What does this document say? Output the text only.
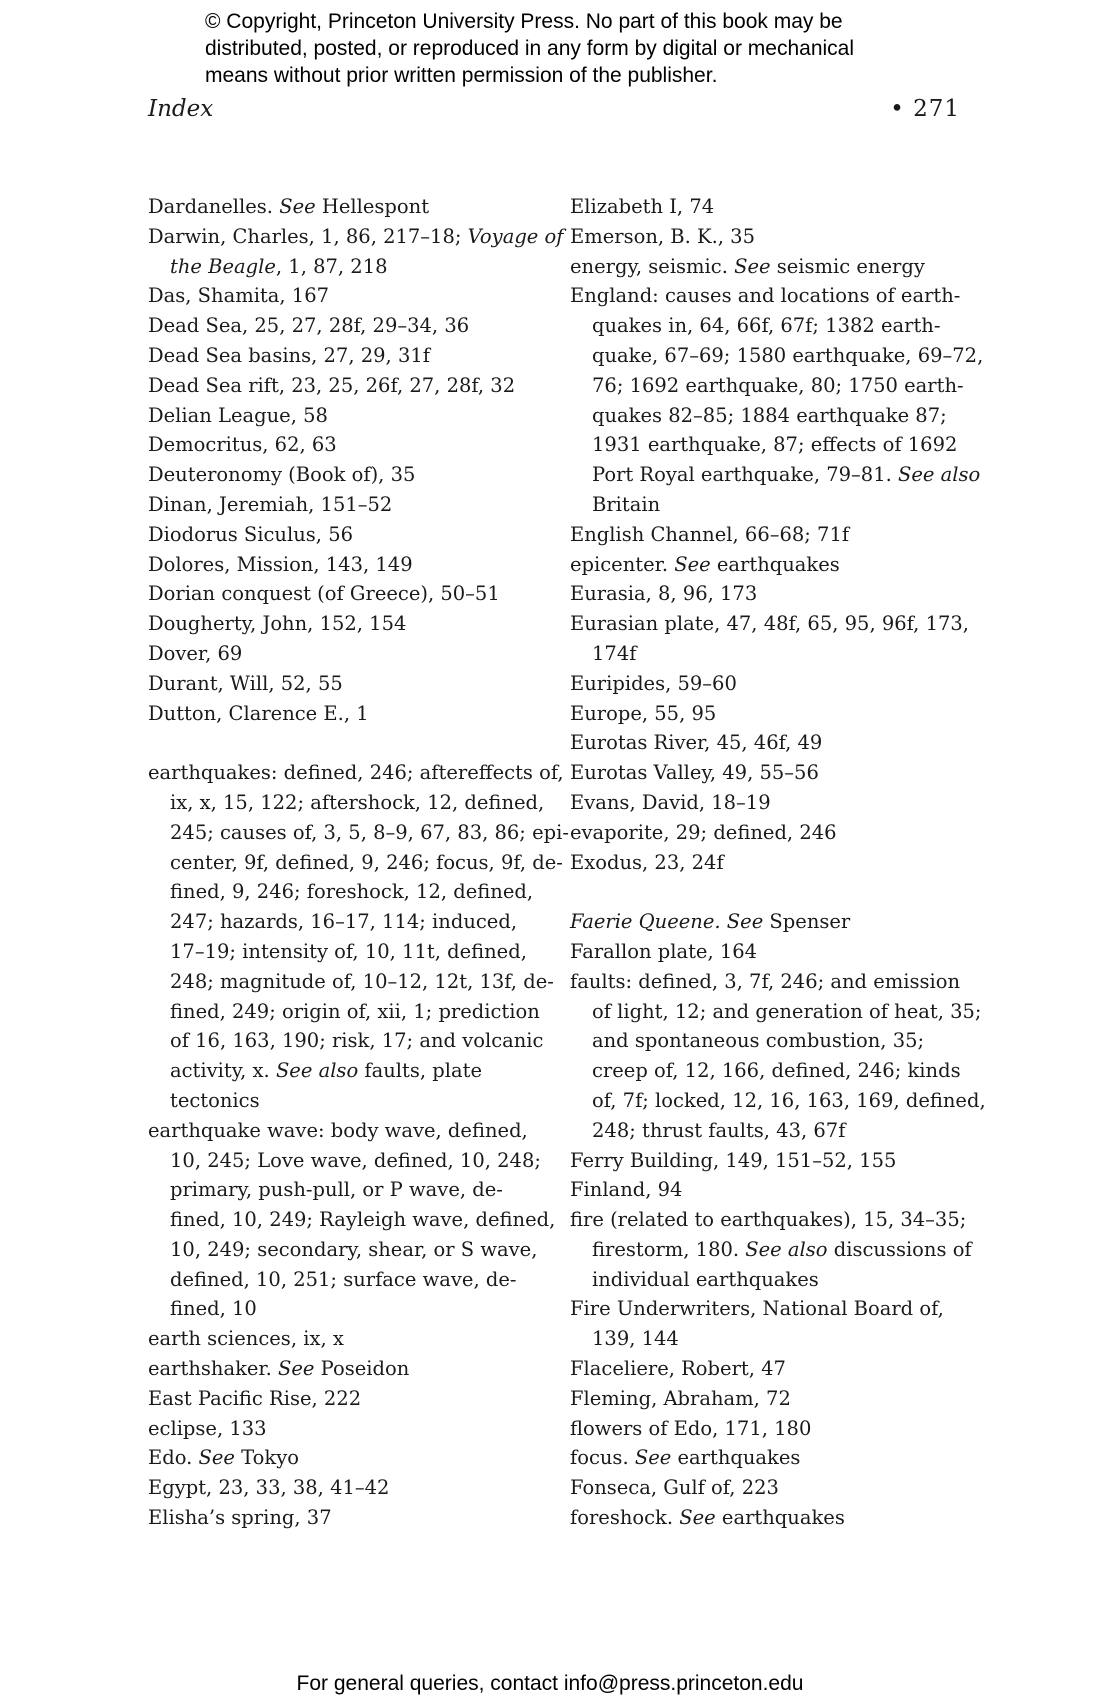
© Copyright, Princeton University Press. No part of this book may be
distributed, posted, or reproduced in any form by digital or mechanical
means without prior written permission of the publisher.
Index	• 271

Dardanelles. See Hellespont

Darwin, Charles, 1, 86, 217–18; Voyage of
the Beagle, 1, 87, 218

Das, Shamita, 167

Dead Sea, 25, 27, 28f, 29–34, 36

Dead Sea basins, 27, 29, 31f

Dead Sea rift, 23, 25, 26f, 27, 28f, 32

Delian League, 58

Democritus, 62, 63

Deuteronomy (Book of), 35

Dinan, Jeremiah, 151–52

Diodorus Siculus, 56

Dolores, Mission, 143, 149

Dorian conquest (of Greece), 50–51

Dougherty, John, 152, 154

Dover, 69

Durant, Will, 52, 55

Dutton, Clarence E., 1

earthquakes: defined, 246; aftereffects of,
ix, x, 15, 122; aftershock, 12, defined,
245; causes of, 3, 5, 8–9, 67, 83, 86; epi-
center, 9f, defined, 9, 246; focus, 9f, de-
fined, 9, 246; foreshock, 12, defined,
247; hazards, 16–17, 114; induced,
17–19; intensity of, 10, 11t, defined,
248; magnitude of, 10–12, 12t, 13f, de-
fined, 249; origin of, xii, 1; prediction
of 16, 163, 190; risk, 17; and volcanic
activity, x. See also faults, plate
tectonics

earthquake wave: body wave, defined,
10, 245; Love wave, defined, 10, 248;
primary, push-pull, or P wave, de-
fined, 10, 249; Rayleigh wave, defined,
10, 249; secondary, shear, or S wave,
defined, 10, 251; surface wave, de-
fined, 10

earth sciences, ix, x

earthshaker. See Poseidon

East Pacific Rise, 222

eclipse, 133

Edo. See Tokyo

Egypt, 23, 33, 38, 41–42

Elisha’s spring, 37

Elizabeth I, 74

Emerson, B. K., 35

energy, seismic. See seismic energy

England: causes and locations of earth-
quakes in, 64, 66f, 67f; 1382 earth-
quake, 67–69; 1580 earthquake, 69–72,
76; 1692 earthquake, 80; 1750 earth-
quakes 82–85; 1884 earthquake 87;
1931 earthquake, 87; effects of 1692
Port Royal earthquake, 79–81. See also
Britain

English Channel, 66–68; 71f

epicenter. See earthquakes

Eurasia, 8, 96, 173

Eurasian plate, 47, 48f, 65, 95, 96f, 173,
174f

Euripides, 59–60

Europe, 55, 95

Eurotas River, 45, 46f, 49

Eurotas Valley, 49, 55–56

Evans, David, 18–19

evaporite, 29; defined, 246

Exodus, 23, 24f

Faerie Queene. See Spenser

Farallon plate, 164

faults: defined, 3, 7f, 246; and emission
of light, 12; and generation of heat, 35;
and spontaneous combustion, 35;
creep of, 12, 166, defined, 246; kinds
of, 7f; locked, 12, 16, 163, 169, defined,
248; thrust faults, 43, 67f

Ferry Building, 149, 151–52, 155

Finland, 94

fire (related to earthquakes), 15, 34–35;
firestorm, 180. See also discussions of
individual earthquakes

Fire Underwriters, National Board of,
139, 144

Flaceliere, Robert, 47

Fleming, Abraham, 72

flowers of Edo, 171, 180

focus. See earthquakes

Fonseca, Gulf of, 223

foreshock. See earthquakes

For general queries, contact info@press.princeton.edu
